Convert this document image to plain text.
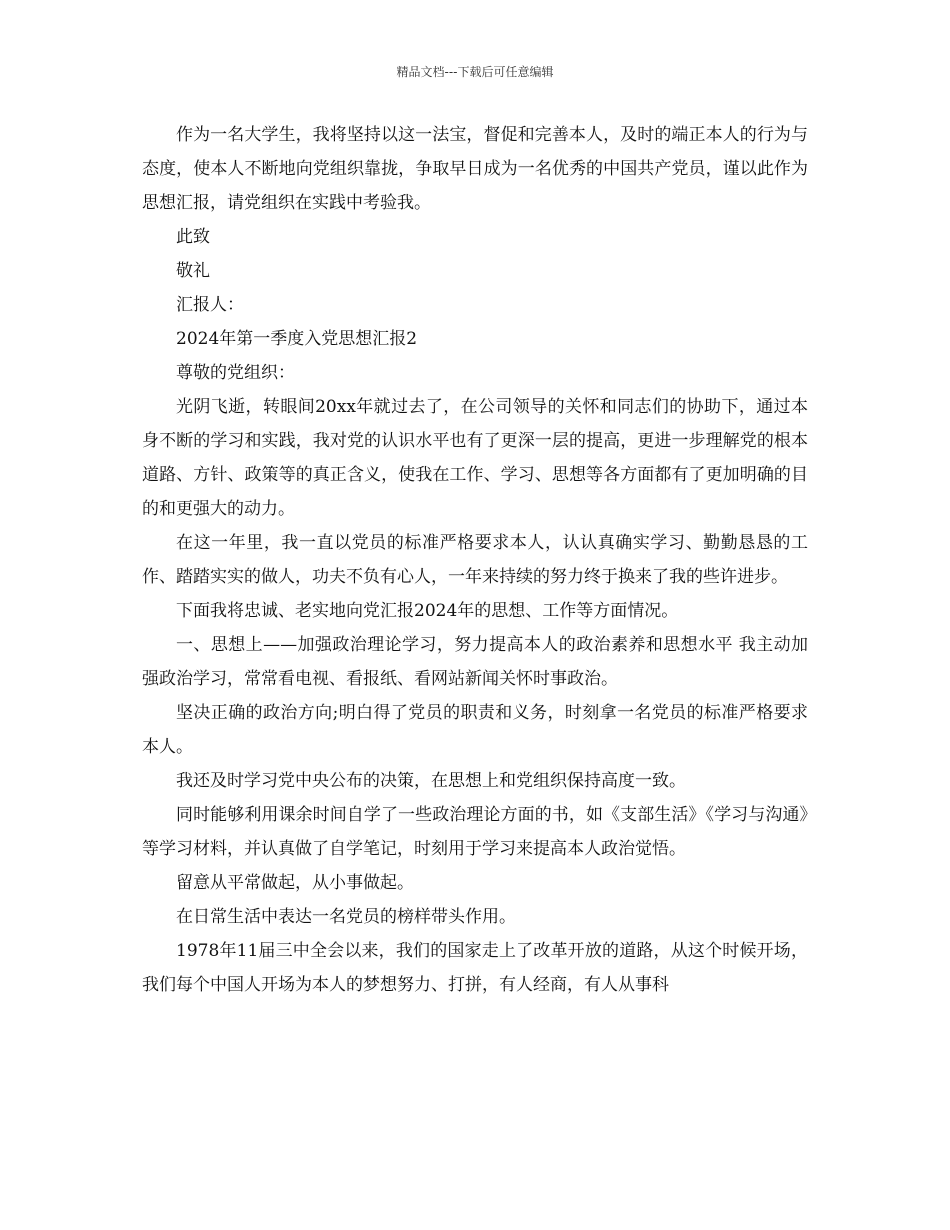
精品文档---下载后可任意编辑

作为一名大学生，我将坚持以这一法宝，督促和完善本人，及时的端正本人的行为与态度，使本人不断地向党组织靠拢，争取早日成为一名优秀的中国共产党员，谨以此作为思想汇报，请党组织在实践中考验我。

此致

敬礼

汇报人：

2024年第一季度入党思想汇报2

尊敬的党组织：

光阴飞逝，转眼间20xx年就过去了，在公司领导的关怀和同志们的协助下，通过本身不断的学习和实践，我对党的认识水平也有了更深一层的提高，更进一步理解党的根本道路、方针、政策等的真正含义，使我在工作、学习、思想等各方面都有了更加明确的目的和更强大的动力。

在这一年里，我一直以党员的标准严格要求本人，认认真确实学习、勤勤恳恳的工作、踏踏实实的做人，功夫不负有心人，一年来持续的努力终于换来了我的些许进步。

下面我将忠诚、老实地向党汇报2024年的思想、工作等方面情况。

一、思想上——加强政治理论学习，努力提高本人的政治素养和思想水平 我主动加强政治学习，常常看电视、看报纸、看网站新闻关怀时事政治。

坚决正确的政治方向;明白得了党员的职责和义务，时刻拿一名党员的标准严格要求本人。

我还及时学习党中央公布的决策，在思想上和党组织保持高度一致。

同时能够利用课余时间自学了一些政治理论方面的书，如《支部生活》《学习与沟通》等学习材料，并认真做了自学笔记，时刻用于学习来提高本人政治觉悟。

留意从平常做起，从小事做起。

在日常生活中表达一名党员的榜样带头作用。

1978年11届三中全会以来，我们的国家走上了改革开放的道路，从这个时候开场，我们每个中国人开场为本人的梦想努力、打拼，有人经商，有人从事科
